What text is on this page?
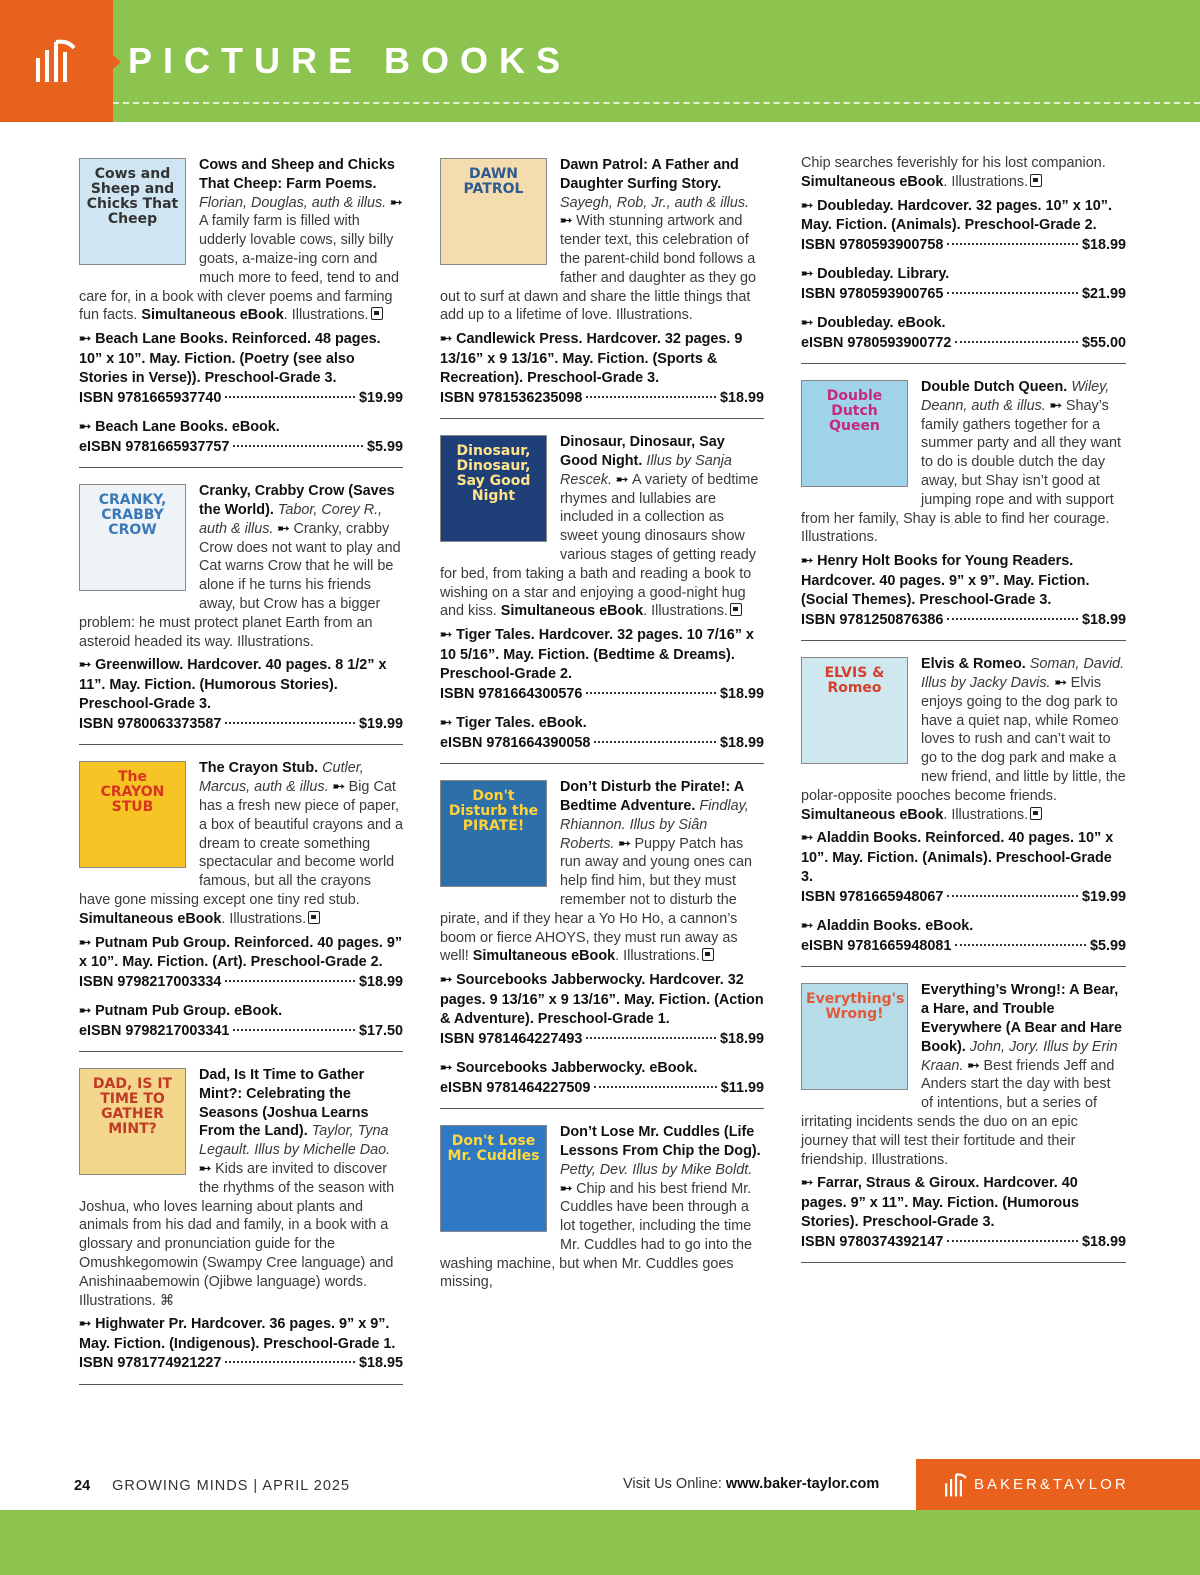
PICTURE BOOKS
Cows and Sheep and Chicks That Cheep
Cows and Sheep and Chicks That Cheep: Farm Poems. Florian, Douglas, auth & illus. ➸ A family farm is filled with udderly lovable cows, silly billy goats, a-maize-ing corn and much more to feed, tend to and care for, in a book with clever poems and farming fun facts. Simultaneous eBook. Illustrations.
➸ Beach Lane Books. Reinforced. 48 pages. 10” x 10”. May. Fiction. (Poetry (see also Stories in Verse)). Preschool-Grade 3.
ISBN 9781665937740	$19.99
➸ Beach Lane Books. eBook.
eISBN 9781665937757	$5.99
CRANKY, CRABBY CROW
Cranky, Crabby Crow (Saves the World). Tabor, Corey R., auth & illus. ➸ Cranky, crabby Crow does not want to play and Cat warns Crow that he will be alone if he turns his friends away, but Crow has a bigger problem: he must protect planet Earth from an asteroid headed its way. Illustrations.
➸ Greenwillow. Hardcover. 40 pages. 8 1/2” x 11”. May. Fiction. (Humorous Stories). Preschool-Grade 3.
ISBN 9780063373587	$19.99
The CRAYON STUB
The Crayon Stub. Cutler, Marcus, auth & illus. ➸ Big Cat has a fresh new piece of paper, a box of beautiful crayons and a dream to create something spectacular and become world famous, but all the crayons have gone missing except one tiny red stub. Simultaneous eBook. Illustrations.
➸ Putnam Pub Group. Reinforced. 40 pages. 9” x 10”. May. Fiction. (Art). Preschool-Grade 2.
ISBN 9798217003334	$18.99
➸ Putnam Pub Group. eBook.
eISBN 9798217003341	$17.50
DAD, IS IT TIME TO GATHER MINT?
Dad, Is It Time to Gather Mint?: Celebrating the Seasons (Joshua Learns From the Land). Taylor, Tyna Legault. Illus by Michelle Dao. ➸ Kids are invited to discover the rhythms of the season with Joshua, who loves learning about plants and animals from his dad and family, in a book with a glossary and pronunciation guide for the Omushkegomowin (Swampy Cree language) and Anishinaabemowin (Ojibwe language) words. Illustrations. ⌘
➸ Highwater Pr. Hardcover. 36 pages. 9” x 9”. May. Fiction. (Indigenous). Preschool-Grade 1.
ISBN 9781774921227	$18.95
DAWN PATROL
Dawn Patrol: A Father and Daughter Surfing Story. Sayegh, Rob, Jr., auth & illus. ➸ With stunning artwork and tender text, this celebration of the parent-child bond follows a father and daughter as they go out to surf at dawn and share the little things that add up to a lifetime of love. Illustrations.
➸ Candlewick Press. Hardcover. 32 pages. 9 13/16” x 9 13/16”. May. Fiction. (Sports & Recreation). Preschool-Grade 3.
ISBN 9781536235098	$18.99
Dinosaur, Dinosaur, Say Good Night
Dinosaur, Dinosaur, Say Good Night. Illus by Sanja Rescek. ➸ A variety of bedtime rhymes and lullabies are included in a collection as sweet young dinosaurs show various stages of getting ready for bed, from taking a bath and reading a book to wishing on a star and enjoying a good-night hug and kiss. Simultaneous eBook. Illustrations.
➸ Tiger Tales. Hardcover. 32 pages. 10 7/16” x 10 5/16”. May. Fiction. (Bedtime & Dreams). Preschool-Grade 2.
ISBN 9781664300576	$18.99
➸ Tiger Tales. eBook.
eISBN 9781664390058	$18.99
Don't Disturb the PIRATE!
Don’t Disturb the Pirate!: A Bedtime Adventure. Findlay, Rhiannon. Illus by Siân Roberts. ➸ Puppy Patch has run away and young ones can help find him, but they must remember not to disturb the pirate, and if they hear a Yo Ho Ho, a cannon’s boom or fierce AHOYS, they must run away as well! Simultaneous eBook. Illustrations.
➸ Sourcebooks Jabberwocky. Hardcover. 32 pages. 9 13/16” x 9 13/16”. May. Fiction. (Action & Adventure). Preschool-Grade 1.
ISBN 9781464227493	$18.99
➸ Sourcebooks Jabberwocky. eBook.
eISBN 9781464227509	$11.99
Don't Lose Mr. Cuddles
Don’t Lose Mr. Cuddles (Life Lessons From Chip the Dog). Petty, Dev. Illus by Mike Boldt. ➸ Chip and his best friend Mr. Cuddles have been through a lot together, including the time Mr. Cuddles had to go into the washing machine, but when Mr. Cuddles goes missing,
Chip searches feverishly for his lost companion. Simultaneous eBook. Illustrations.
➸ Doubleday. Hardcover. 32 pages. 10” x 10”. May. Fiction. (Animals). Preschool-Grade 2.
ISBN 9780593900758	$18.99
➸ Doubleday. Library.
ISBN 9780593900765	$21.99
➸ Doubleday. eBook.
eISBN 9780593900772	$55.00
Double Dutch Queen
Double Dutch Queen. Wiley, Deann, auth & illus. ➸ Shay’s family gathers together for a summer party and all they want to do is double dutch the day away, but Shay isn’t good at jumping rope and with support from her family, Shay is able to find her courage. Illustrations.
➸ Henry Holt Books for Young Readers. Hardcover. 40 pages. 9” x 9”. May. Fiction. (Social Themes). Preschool-Grade 3.
ISBN 9781250876386	$18.99
ELVIS & Romeo
Elvis & Romeo. Soman, David. Illus by Jacky Davis. ➸ Elvis enjoys going to the dog park to have a quiet nap, while Romeo loves to rush and can’t wait to go to the dog park and make a new friend, and little by little, the polar-opposite pooches become friends. Simultaneous eBook. Illustrations.
➸ Aladdin Books. Reinforced. 40 pages. 10” x 10”. May. Fiction. (Animals). Preschool-Grade 3.
ISBN 9781665948067	$19.99
➸ Aladdin Books. eBook.
eISBN 9781665948081	$5.99
Everything's Wrong!
Everything’s Wrong!: A Bear, a Hare, and Trouble Everywhere (A Bear and Hare Book). John, Jory. Illus by Erin Kraan. ➸ Best friends Jeff and Anders start the day with best of intentions, but a series of irritating incidents sends the duo on an epic journey that will test their fortitude and their friendship. Illustrations.
➸ Farrar, Straus & Giroux. Hardcover. 40 pages. 9” x 11”. May. Fiction. (Humorous Stories). Preschool-Grade 3.
ISBN 9780374392147	$18.99
24 GROWING MINDS | APRIL 2025	Visit Us Online: www.baker-taylor.com	BAKER&TAYLOR
